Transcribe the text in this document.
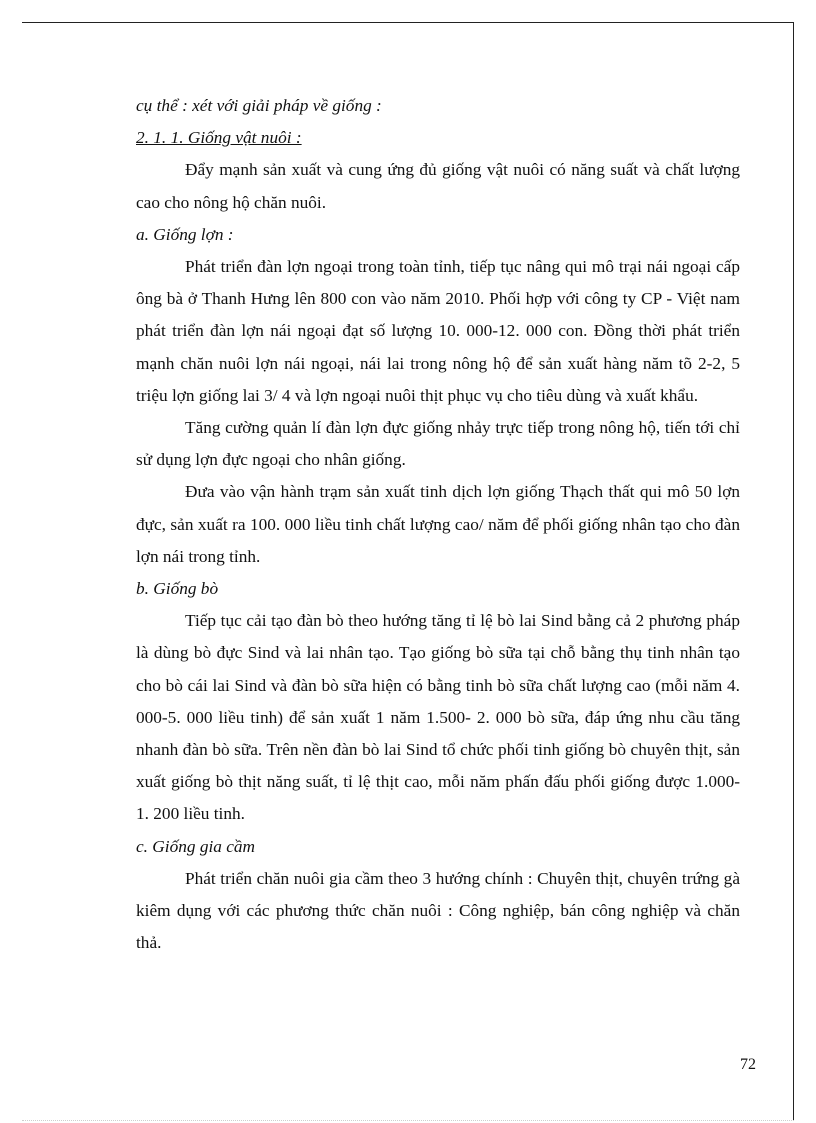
cụ thể : xét với giải pháp về giống :

2. 1. 1. Giống vật nuôi :

Đẩy mạnh sản xuất và cung ứng đủ giống vật nuôi có năng suất và chất lượng cao cho nông hộ chăn nuôi.

a. Giống lợn :

Phát triển đàn lợn ngoại trong toàn tỉnh, tiếp tục nâng qui mô trại nái ngoại cấp ông bà ở Thanh Hưng lên 800 con vào năm 2010. Phối hợp với công ty CP - Việt nam phát triển đàn lợn nái ngoại đạt số lượng 10. 000-12. 000 con. Đồng thời phát triển mạnh chăn nuôi lợn nái ngoại, nái lai trong nông hộ để sản xuất hàng năm tõ 2-2, 5 triệu lợn giống lai 3/ 4 và lợn ngoại nuôi thịt phục vụ cho tiêu dùng và xuất khẩu.

Tăng cường quản lí đàn lợn đực giống nhảy trực tiếp trong nông hộ, tiến tới chỉ sử dụng lợn đực ngoại cho nhân giống.

Đưa vào vận hành trạm sản xuất tinh dịch lợn giống Thạch thất qui mô 50 lợn đực, sản xuất ra 100. 000 liều tinh chất lượng cao/ năm để phối giống nhân tạo cho đàn lợn nái trong tỉnh.

b. Giống bò

Tiếp tục cải tạo đàn bò theo hướng tăng tỉ lệ bò lai Sind bằng cả 2 phương pháp là dùng bò đực Sind và lai nhân tạo. Tạo giống bò sữa tại chỗ bằng thụ tinh nhân tạo cho bò cái lai Sind và đàn bò sữa hiện có bằng tinh bò sữa chất lượng cao (mỗi năm 4. 000-5. 000 liều tinh) để sản xuất 1 năm 1.500- 2. 000 bò sữa, đáp ứng nhu cầu tăng nhanh đàn bò sữa. Trên nền đàn bò lai Sind tổ chức phối tinh giống bò chuyên thịt, sản xuất giống bò thịt năng suất, tỉ lệ thịt cao, mỗi năm phấn đấu phối giống được 1.000- 1. 200 liều tinh.

c. Giống gia cầm

Phát triển chăn nuôi gia cầm theo 3 hướng chính : Chuyên thịt, chuyên trứng gà kiêm dụng với các phương thức chăn nuôi : Công nghiệp, bán công nghiệp và chăn thả.

72
